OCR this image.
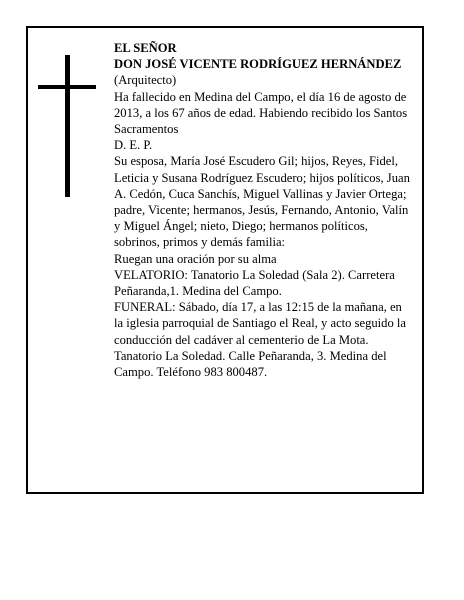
EL SEÑOR

DON JOSÉ VICENTE RODRÍGUEZ HERNÁNDEZ

(Arquitecto)

Ha fallecido en Medina del Campo, el día 16 de agosto de 2013, a los 67 años de edad. Habiendo recibido los Santos Sacramentos

D. E. P.

Su esposa, María José Escudero Gil; hijos, Reyes, Fidel, Leticia y Susana Rodríguez Escudero; hijos políticos, Juan A. Cedón, Cuca Sanchís, Miguel Vallinas y Javier Ortega; padre, Vicente; hermanos, Jesús, Fernando, Antonio, Valín y Miguel Ángel; nieto, Diego; hermanos políticos, sobrinos, primos y demás familia:

Ruegan una oración por su alma

VELATORIO: Tanatorio La Soledad (Sala 2). Carretera Peñaranda,1. Medina del Campo.

FUNERAL: Sábado, día 17, a las 12:15 de la mañana, en la iglesia parroquial de Santiago el Real, y acto seguido la conducción del cadáver al cementerio de La Mota.

Tanatorio La Soledad. Calle Peñaranda, 3. Medina del Campo. Teléfono 983 800487.
